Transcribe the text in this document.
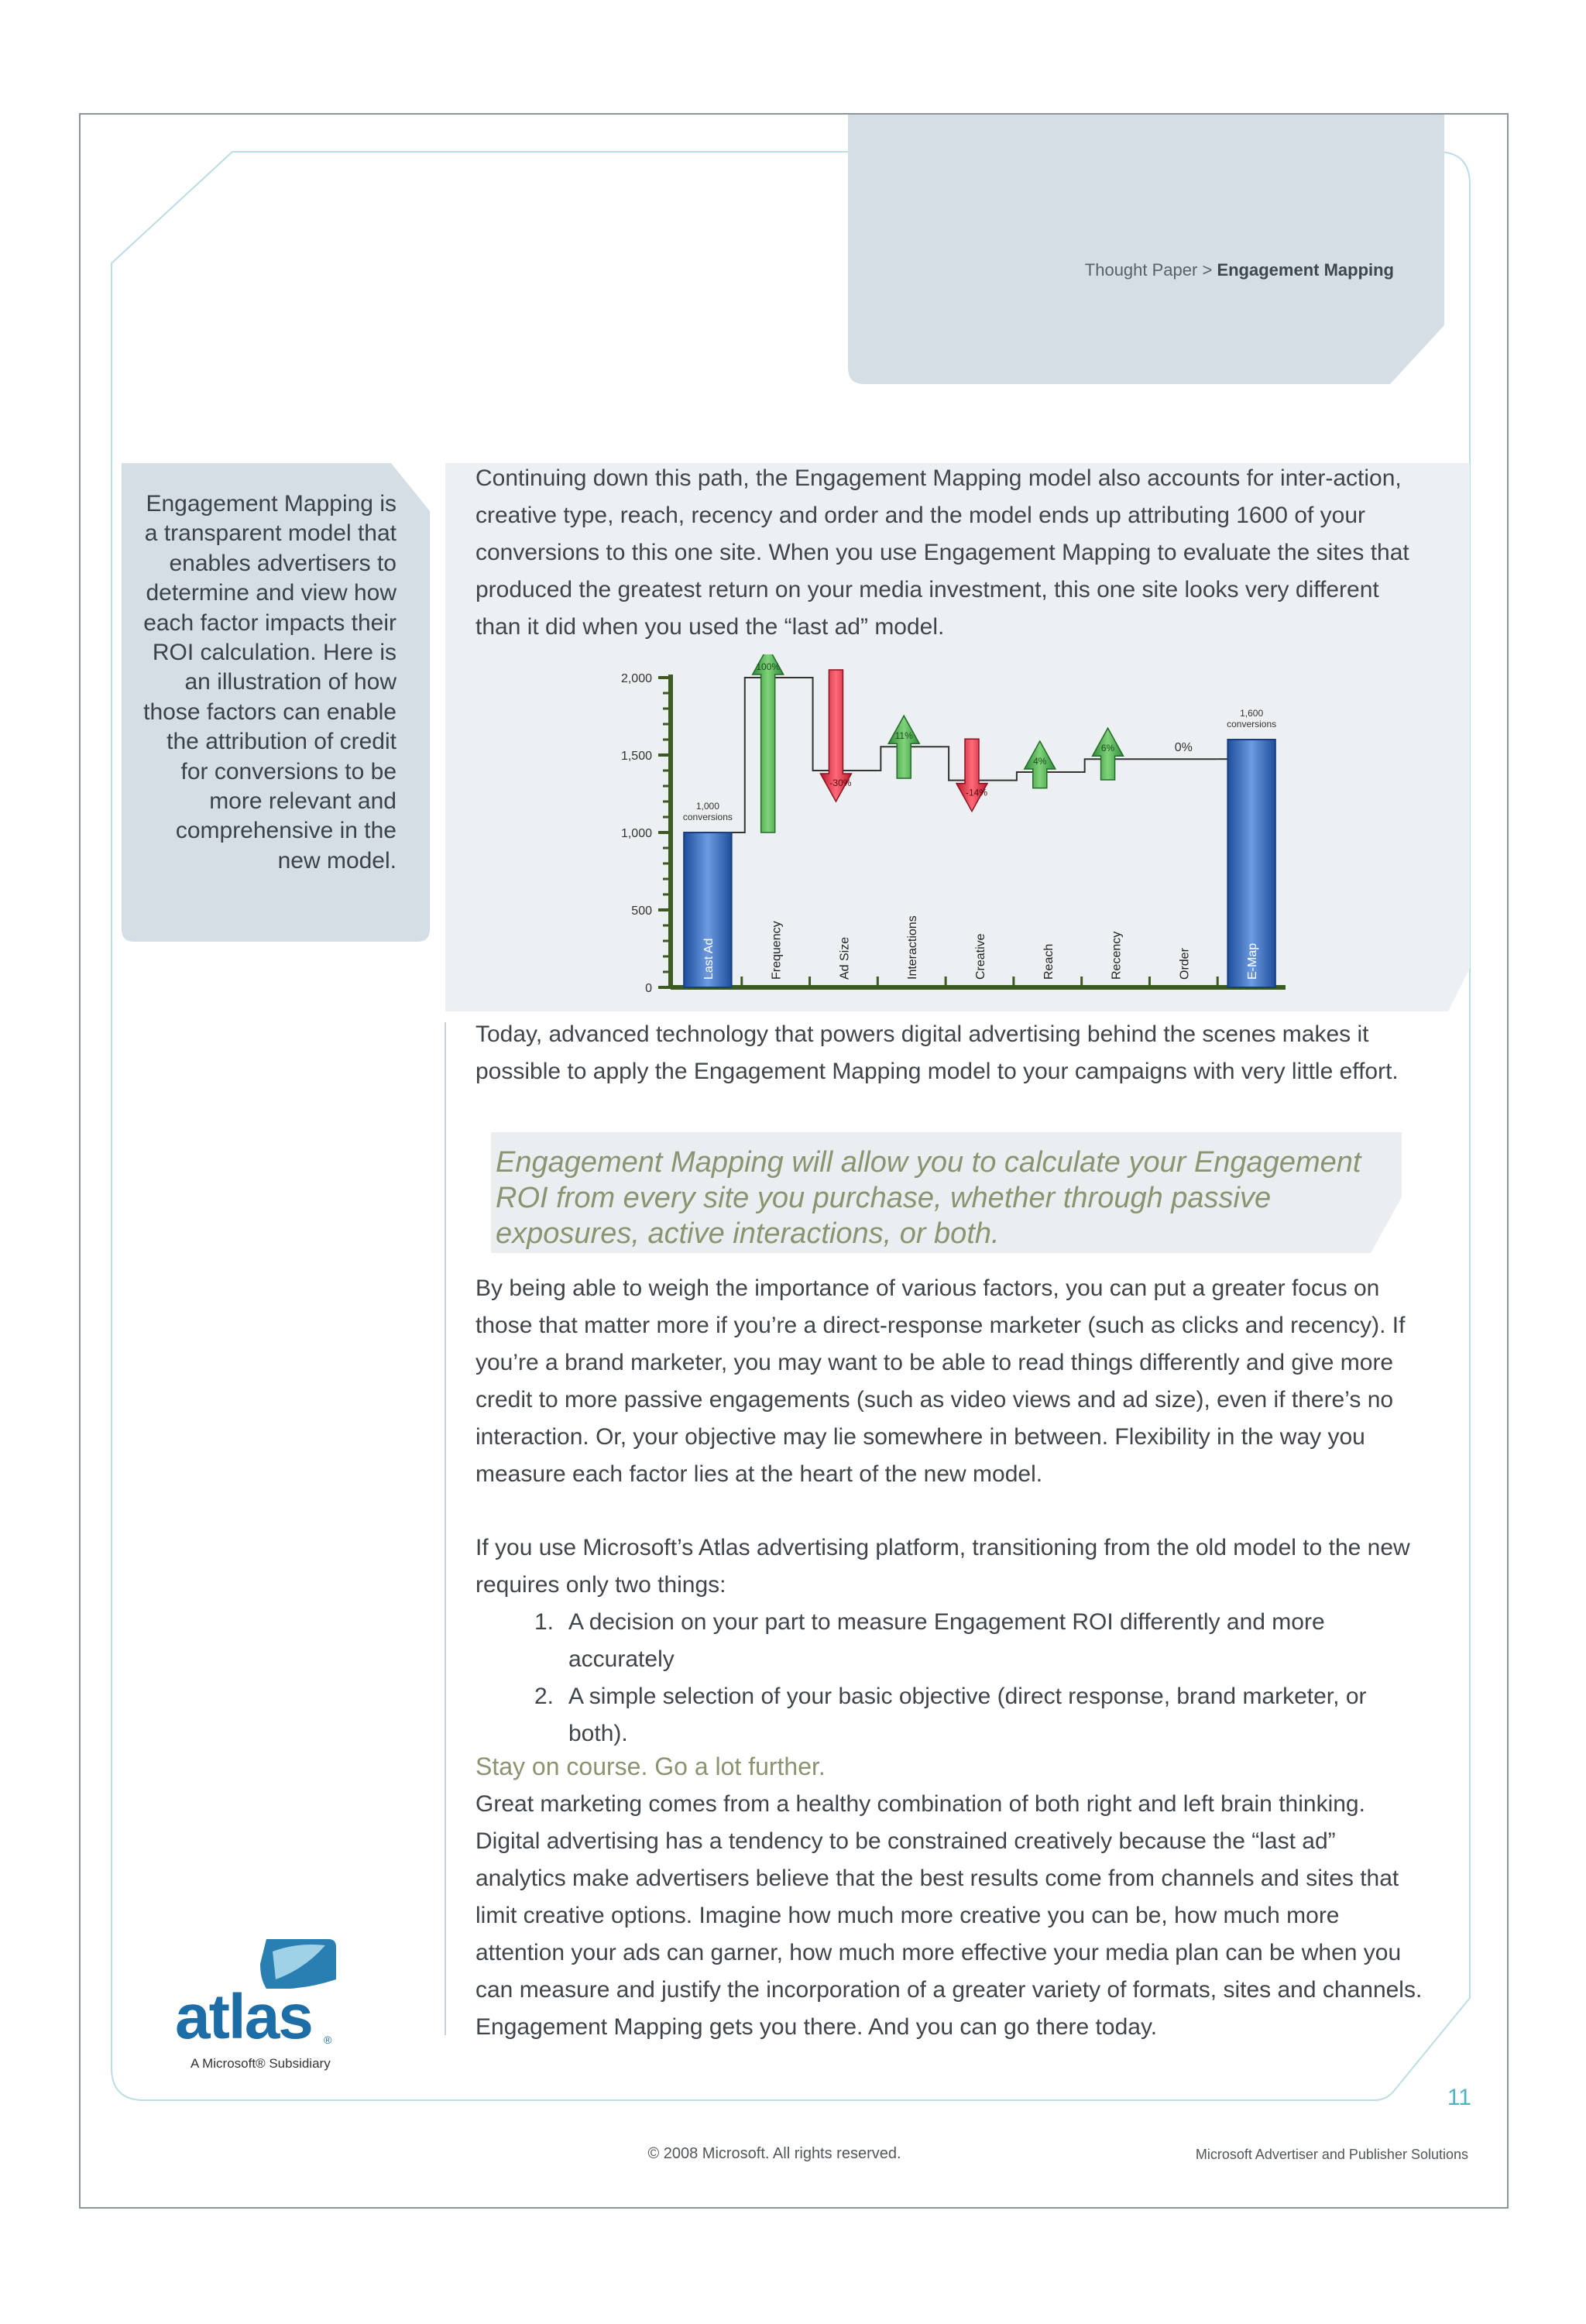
Thought Paper > Engagement Mapping
Engagement Mapping is a transparent model that enables advertisers to determine and view how each factor impacts their ROI calculation. Here is an illustration of how those factors can enable the attribution of credit for conversions to be more relevant and comprehensive in the new model.
Continuing down this path, the Engagement Mapping model also accounts for inter-action, creative type, reach, recency and order and the model ends up attributing 1600 of your conversions to this one site. When you use Engagement Mapping to evaluate the sites that produced the greatest return on your media investment, this one site looks very different than it did when you used the “last ad” model.
0
500
1,000
1,500
2,000
1,000
conversions
1,600
conversions
100%
-30%
11%
-14%
4%
6%	0%
Last Ad	Frequency	Ad Size	Interactions	Creative	Reach	Recency	Order	E-Map
Today, advanced technology that powers digital advertising behind the scenes makes it possible to apply the Engagement Mapping model to your campaigns with very little effort.
Engagement Mapping will allow you to calculate your Engagement ROI from every site you purchase, whether through passive exposures, active interactions, or both.
By being able to weigh the importance of various factors, you can put a greater focus on those that matter more if you’re a direct-response marketer (such as clicks and recency). If you’re a brand marketer, you may want to be able to read things differently and give more credit to more passive engagements (such as video views and ad size), even if there’s no interaction. Or, your objective may lie somewhere in between. Flexibility in the way you measure each factor lies at the heart of the new model.
If you use Microsoft’s Atlas advertising platform, transitioning from the old model to the new requires only two things:
1. A decision on your part to measure Engagement ROI differently and more accurately
2. A simple selection of your basic objective (direct response, brand marketer, or both).
Stay on course. Go a lot further.
Great marketing comes from a healthy combination of both right and left brain thinking. Digital advertising has a tendency to be constrained creatively because the “last ad” analytics make advertisers believe that the best results come from channels and sites that limit creative options. Imagine how much more creative you can be, how much more attention your ads can garner, how much more effective your media plan can be when you can measure and justify the incorporation of a greater variety of formats, sites and channels. Engagement Mapping gets you there. And you can go there today.
atlas ®
A Microsoft® Subsidiary
11
© 2008 Microsoft. All rights reserved.	Microsoft Advertiser and Publisher Solutions
